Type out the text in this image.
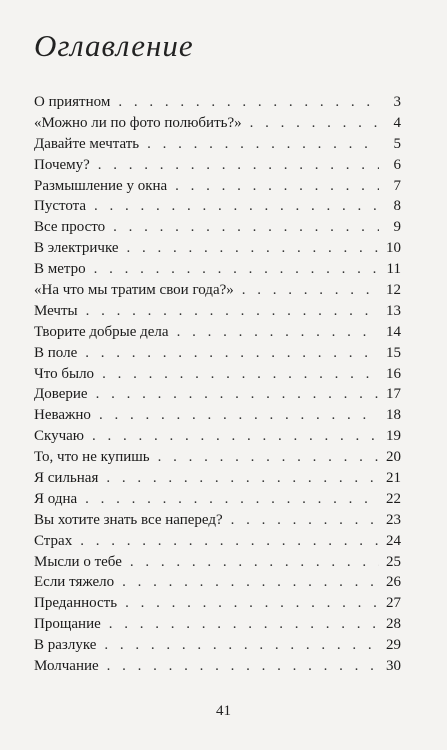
Оглавление
О приятном . . .	3
«Можно ли по фото полюбить?» . . .	4
Давайте мечтать . . .	5
Почему? . . .	6
Размышление у окна . . .	7
Пустота . . .	8
Все просто . . .	9
В электричке . . .	10
В метро . . .	11
«На что мы тратим свои года?» . . .	12
Мечты . . .	13
Творите добрые дела . . .	14
В поле . . .	15
Что было . . .	16
Доверие . . .	17
Неважно . . .	18
Скучаю . . .	19
То, что не купишь . . .	20
Я сильная . . .	21
Я одна . . .	22
Вы хотите знать все наперед? . . .	23
Страх . . .	24
Мысли о тебе . . .	25
Если тяжело . . .	26
Преданность . . .	27
Прощание . . .	28
В разлуке . . .	29
Молчание . . .	30
41
